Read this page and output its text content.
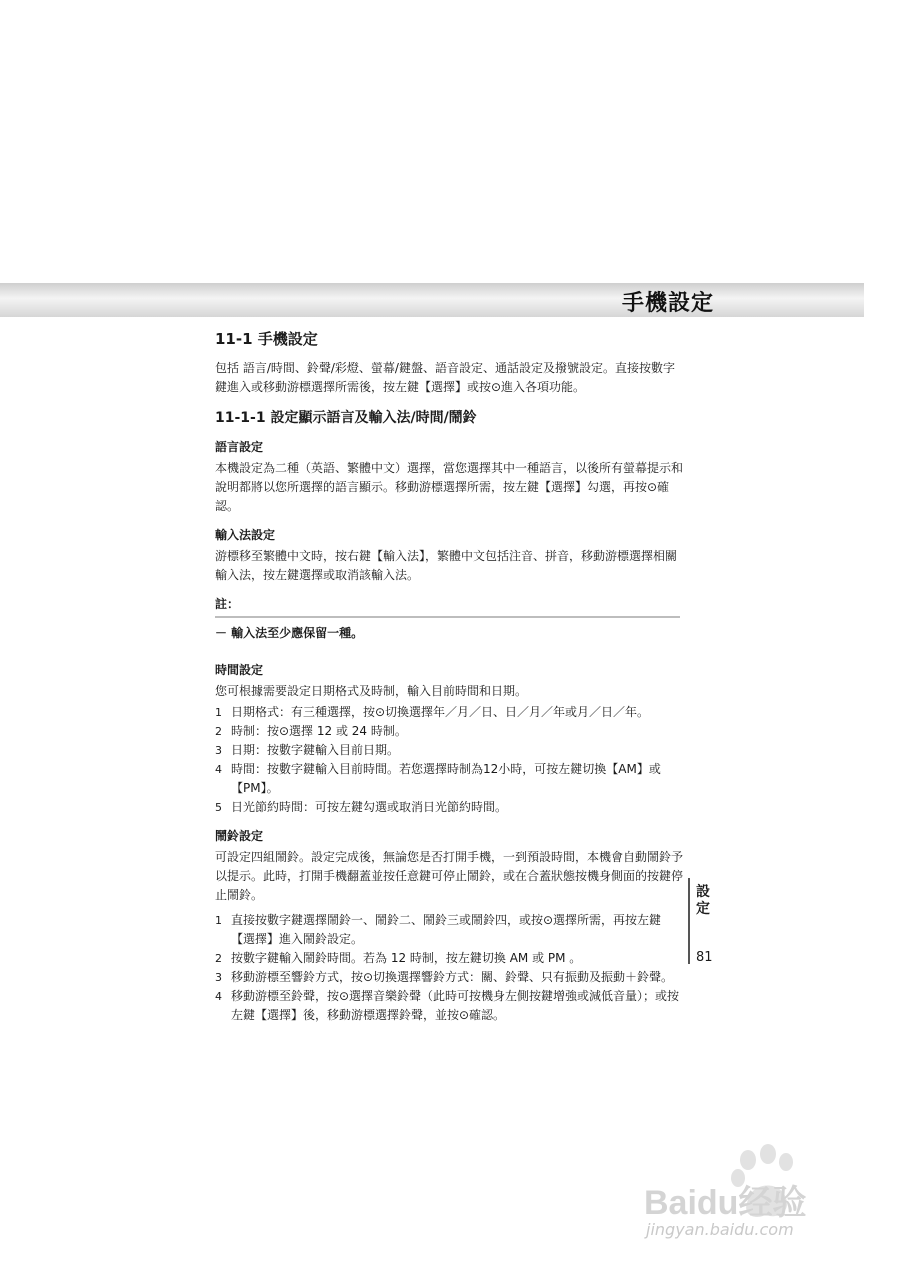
手機設定
11-1 手機設定

包括 語言/時間、鈴聲/彩燈、螢幕/鍵盤、語音設定、通話設定及撥號設定。直接按數字鍵進入或移動游標選擇所需後，按左鍵【選擇】或按⊙進入各項功能。

11-1-1 設定顯示語言及輸入法/時間/鬧鈴
語言設定

本機設定為二種（英語、繁體中文）選擇，當您選擇其中一種語言，以後所有螢幕提示和說明都將以您所選擇的語言顯示。移動游標選擇所需，按左鍵【選擇】勾選，再按⊙確認。

輸入法設定

游標移至繁體中文時，按右鍵【輸入法】，繁體中文包括注音、拼音，移動游標選擇相關輸入法，按左鍵選擇或取消該輸入法。

註：
－ 輸入法至少應保留一種。
時間設定

您可根據需要設定日期格式及時制，輸入目前時間和日期。

1 日期格式：有三種選擇，按⊙切換選擇年／月／日、日／月／年或月／日／年。
2 時制：按⊙選擇 12 或 24 時制。
3 日期：按數字鍵輸入目前日期。
4 時間：按數字鍵輸入目前時間。若您選擇時制為12小時，可按左鍵切換【AM】或【PM】。
5 日光節約時間：可按左鍵勾選或取消日光節約時間。
鬧鈴設定

可設定四組鬧鈴。設定完成後，無論您是否打開手機，一到預設時間，本機會自動鬧鈴予以提示。此時，打開手機翻蓋並按任意鍵可停止鬧鈴，或在合蓋狀態按機身側面的按鍵停止鬧鈴。

1 直接按數字鍵選擇鬧鈴一、鬧鈴二、鬧鈴三或鬧鈴四，或按⊙選擇所需，再按左鍵【選擇】進入鬧鈴設定。
2 按數字鍵輸入鬧鈴時間。若為 12 時制，按左鍵切換 AM 或 PM 。
3 移動游標至響鈴方式，按⊙切換選擇響鈴方式：關、鈴聲、只有振動及振動＋鈴聲。
4 移動游標至鈴聲，按⊙選擇音樂鈴聲（此時可按機身左側按鍵增強或減低音量）；或按左鍵【選擇】後，移動游標選擇鈴聲，並按⊙確認。
設定
81
Baidu经验
jingyan.baidu.com
